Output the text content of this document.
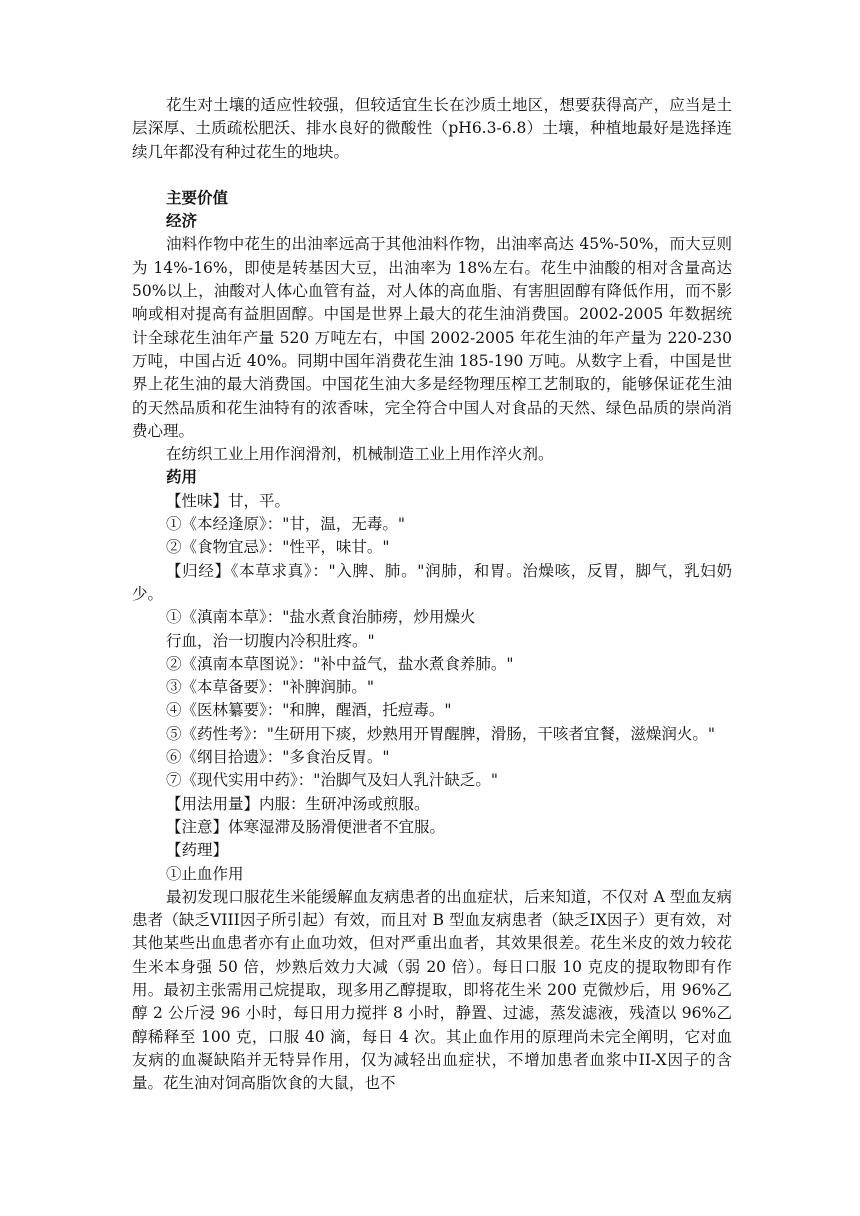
花生对土壤的适应性较强，但较适宜生长在沙质土地区，想要获得高产，应当是土层深厚、土质疏松肥沃、排水良好的微酸性（pH6.3-6.8）土壤，种植地最好是选择连续几年都没有种过花生的地块。

主要价值

经济

油料作物中花生的出油率远高于其他油料作物，出油率高达 45%-50%，而大豆则为 14%-16%，即使是转基因大豆，出油率为 18%左右。花生中油酸的相对含量高达 50%以上，油酸对人体心血管有益，对人体的高血脂、有害胆固醇有降低作用，而不影响或相对提高有益胆固醇。中国是世界上最大的花生油消费国。2002-2005 年数据统计全球花生油年产量 520 万吨左右，中国 2002-2005 年花生油的年产量为 220-230 万吨，中国占近 40%。同期中国年消费花生油 185-190 万吨。从数字上看，中国是世界上花生油的最大消费国。中国花生油大多是经物理压榨工艺制取的，能够保证花生油的天然品质和花生油特有的浓香味，完全符合中国人对食品的天然、绿色品质的崇尚消费心理。

在纺织工业上用作润滑剂，机械制造工业上用作淬火剂。

药用

【性味】甘，平。

①《本经逢原》："甘，温，无毒。"

②《食物宜忌》："性平，味甘。"

【归经】《本草求真》："入脾、肺。"润肺，和胃。治燥咳，反胃，脚气，乳妇奶少。

①《滇南本草》："盐水煮食治肺痨，炒用燥火

行血，治一切腹内冷积肚疼。"

②《滇南本草图说》："补中益气，盐水煮食养肺。"

③《本草备要》："补脾润肺。"

④《医林纂要》："和脾，醒酒，托痘毒。"

⑤《药性考》："生研用下痰，炒熟用开胃醒脾，滑肠，干咳者宜餐，滋燥润火。"

⑥《纲目拾遗》："多食治反胃。"

⑦《现代实用中药》："治脚气及妇人乳汁缺乏。"

【用法用量】内服：生研冲汤或煎服。

【注意】体寒湿滞及肠滑便泄者不宜服。

【药理】

①止血作用

最初发现口服花生米能缓解血友病患者的出血症状，后来知道，不仅对 A 型血友病患者（缺乏VIII因子所引起）有效，而且对 B 型血友病患者（缺乏IX因子）更有效，对其他某些出血患者亦有止血功效，但对严重出血者，其效果很差。花生米皮的效力较花生米本身强 50 倍，炒熟后效力大减（弱 20 倍）。每日口服 10 克皮的提取物即有作用。最初主张需用己烷提取，现多用乙醇提取，即将花生米 200 克微炒后，用 96%乙醇 2 公斤浸 96 小时，每日用力搅拌 8 小时，静置、过滤，蒸发滤液，残渣以 96%乙醇稀释至 100 克，口服 40 滴，每日 4 次。其止血作用的原理尚未完全阐明，它对血友病的血凝缺陷并无特异作用，仅为减轻出血症状，不增加患者血浆中II-X因子的含量。花生油对饲高脂饮食的大鼠，也不
